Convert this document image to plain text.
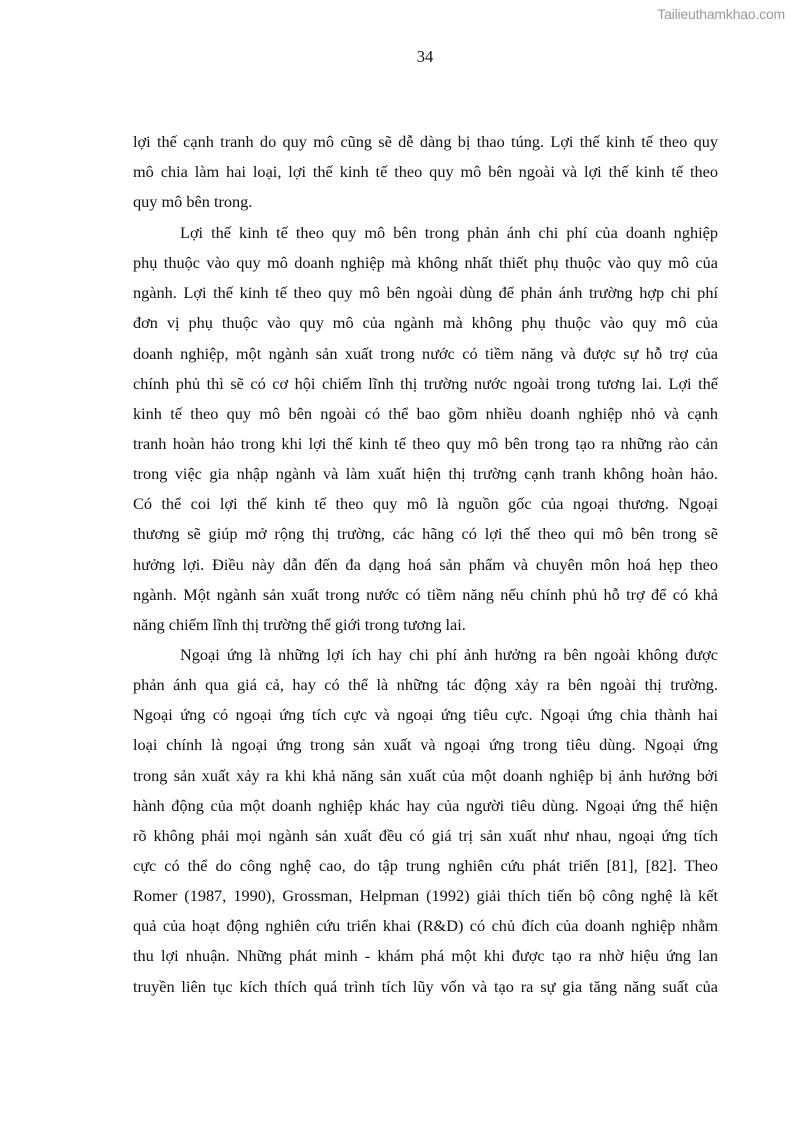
Tailieuthamkhao.com
34
lợi thế cạnh tranh do quy mô cũng sẽ dễ dàng bị thao túng. Lợi thế kinh tế theo quy
mô chia làm hai loại, lợi thế kinh tế theo quy mô bên ngoài và lợi thế kinh tế theo
quy mô bên trong.
Lợi thế kinh tế theo quy mô bên trong phản ánh chi phí của doanh nghiệp
phụ thuộc vào quy mô doanh nghiệp mà không nhất thiết phụ thuộc vào quy mô của
ngành. Lợi thế kinh tế theo quy mô bên ngoài dùng để phản ánh trường hợp chi phí
đơn vị phụ thuộc vào quy mô của ngành mà không phụ thuộc vào quy mô của
doanh nghiệp, một ngành sản xuất trong nước có tiềm năng và được sự hỗ trợ của
chính phủ thì sẽ có cơ hội chiếm lĩnh thị trường nước ngoài trong tương lai. Lợi thế
kinh tế theo quy mô bên ngoài có thể bao gồm nhiều doanh nghiệp nhỏ và cạnh
tranh hoàn hảo trong khi lợi thế kinh tế theo quy mô bên trong tạo ra những rào cản
trong việc gia nhập ngành và làm xuất hiện thị trường cạnh tranh không hoàn hảo.
Có thể coi lợi thế kinh tế theo quy mô là nguồn gốc của ngoại thương. Ngoại
thương sẽ giúp mở rộng thị trường, các hãng có lợi thế theo qui mô bên trong sẽ
hưởng lợi. Điều này dẫn đến đa dạng hoá sản phẩm và chuyên môn hoá hẹp theo
ngành. Một ngành sản xuất trong nước có tiềm năng nếu chính phủ hỗ trợ để có khả
năng chiếm lĩnh thị trường thế giới trong tương lai.
Ngoại ứng là những lợi ích hay chi phí ảnh hưởng ra bên ngoài không được
phản ánh qua giá cả, hay có thể là những tác động xảy ra bên ngoài thị trường.
Ngoại ứng có ngoại ứng tích cực và ngoại ứng tiêu cực. Ngoại ứng chia thành hai
loại chính là ngoại ứng trong sản xuất và ngoại ứng trong tiêu dùng. Ngoại ứng
trong sản xuất xảy ra khi khả năng sản xuất của một doanh nghiệp bị ảnh hưởng bởi
hành động của một doanh nghiệp khác hay của người tiêu dùng. Ngoại ứng thể hiện
rõ không phải mọi ngành sản xuất đều có giá trị sản xuất như nhau, ngoại ứng tích
cực có thể do công nghệ cao, do tập trung nghiên cứu phát triển [81], [82]. Theo
Romer (1987, 1990), Grossman, Helpman (1992) giải thích tiến bộ công nghệ là kết
quả của hoạt động nghiên cứu triển khai (R&D) có chủ đích của doanh nghiệp nhằm
thu lợi nhuận. Những phát minh - khám phá một khi được tạo ra nhờ hiệu ứng lan
truyền liên tục kích thích quá trình tích lũy vốn và tạo ra sự gia tăng năng suất của
